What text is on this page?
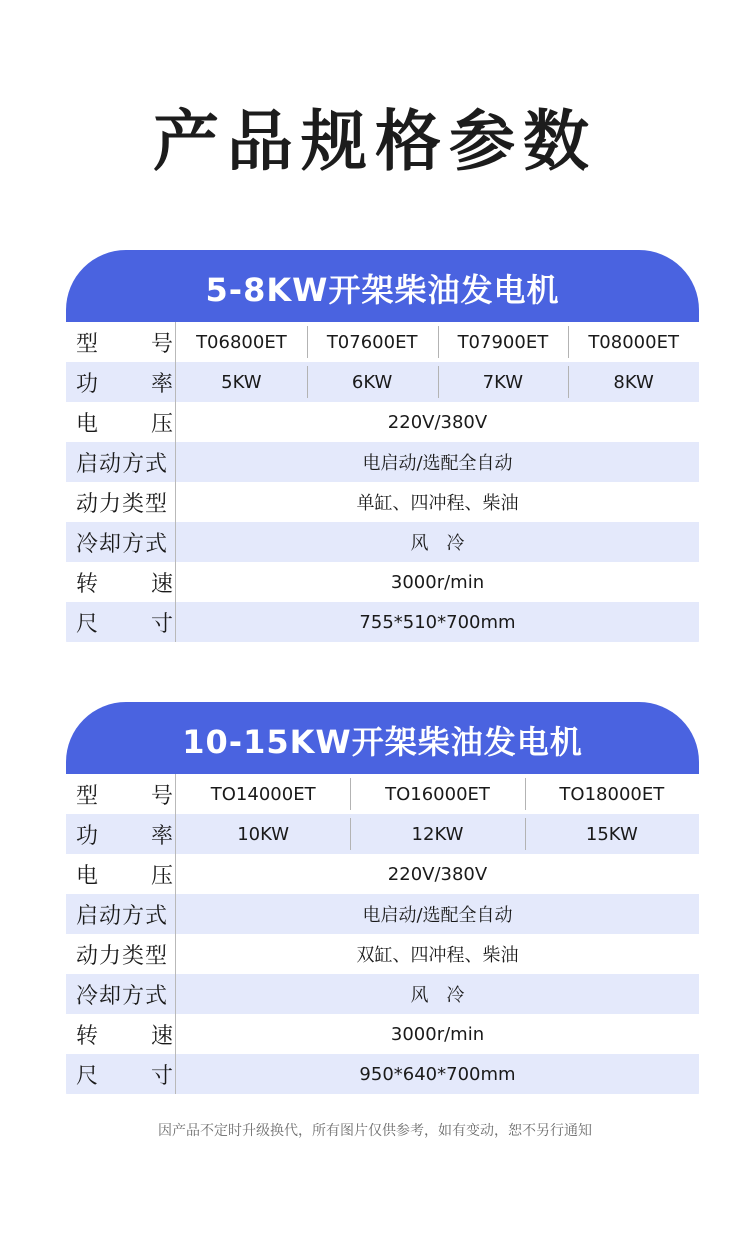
产品规格参数
5-8KW开架柴油发电机
型 号	T06800ET	T07600ET	T07900ET	T08000ET
功 率	5KW	6KW	7KW	8KW
电 压	220V/380V
启动方式	电启动/选配全自动
动力类型	单缸、四冲程、柴油
冷却方式	风　冷
转 速	3000r/min
尺 寸	755*510*700mm
10-15KW开架柴油发电机
型 号	TO14000ET	TO16000ET	TO18000ET
功 率	10KW	12KW	15KW
电 压	220V/380V
启动方式	电启动/选配全自动
动力类型	双缸、四冲程、柴油
冷却方式	风　冷
转 速	3000r/min
尺 寸	950*640*700mm
因产品不定时升级换代，所有图片仅供参考，如有变动，恕不另行通知
